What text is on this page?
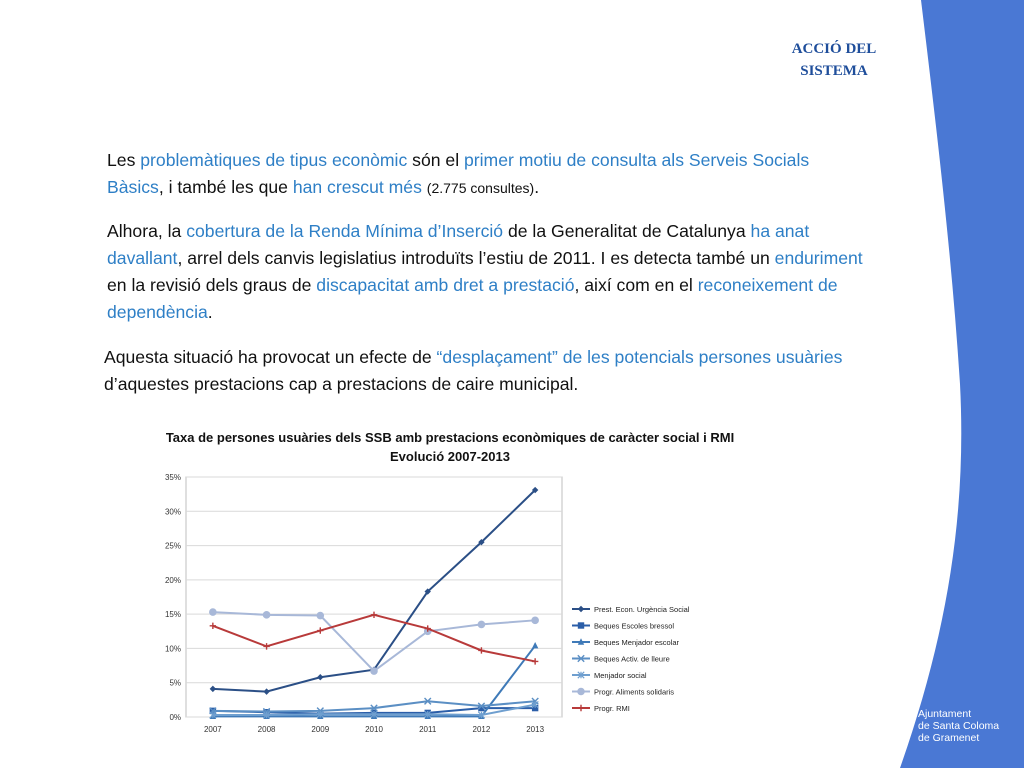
ACCIÓ DEL
SISTEMA
Les problemàtiques de tipus econòmic són el primer motiu de consulta als Serveis Socials Bàsics, i també les que han crescut més (2.775 consultes).
Alhora, la cobertura de la Renda Mínima d’Inserció de la Generalitat de Catalunya ha anat davallant, arrel dels canvis legislatius introduïts l’estiu de 2011. I es detecta també un enduriment en la revisió dels graus de discapacitat amb dret a prestació, així com en el reconeixement de dependència.
Aquesta situació ha provocat un efecte de “desplaçament” de les potencials persones usuàries d’aquestes prestacions cap a prestacions de caire municipal.
Taxa de persones usuàries dels SSB amb prestacions econòmiques de caràcter social i RMI
Evolució 2007-2013
0%
5%
10%
15%
20%
25%
30%
35%
2007	2008	2009	2010	2011	2012	2013
Prest. Econ. Urgència Social
Beques Escoles bressol
Beques Menjador escolar
Beques Activ. de lleure
Menjador social
Progr. Aliments solidaris
Progr. RMI	Ajuntament
de Santa Coloma
de Gramenet
